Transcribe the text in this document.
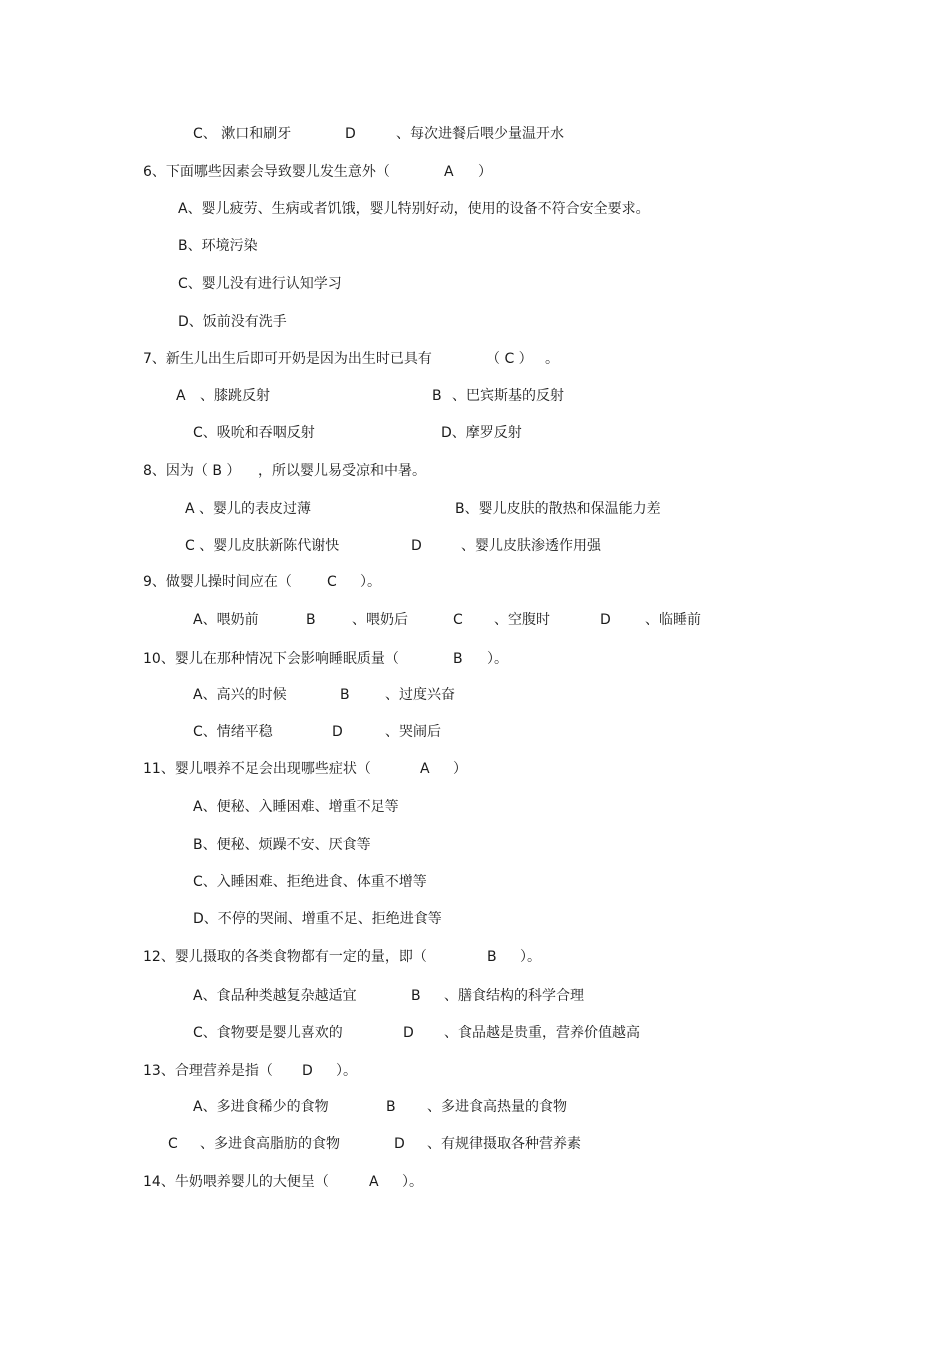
C、 漱口和刷牙	D	、每次进餐后喂少量温开水
6、下面哪些因素会导致婴儿发生意外（	A ）
A、婴儿疲劳、生病或者饥饿，婴儿特别好动，使用的设备不符合安全要求。
B、环境污染
C、婴儿没有进行认知学习
D、饭前没有洗手
7、新生儿出生后即可开奶是因为出生时已具有	（ C ） 。
A 、膝跳反射	B 、巴宾斯基的反射
C、吸吮和吞咽反射	D、摩罗反射
8、因为（ B ） ，所以婴儿易受凉和中暑。
A 、婴儿的表皮过薄	B、婴儿皮肤的散热和保温能力差
C 、婴儿皮肤新陈代谢快	D	、婴儿皮肤渗透作用强
9、做婴儿操时间应在（	C ）。
A、喂奶前	B	、喂奶后	C 、空腹时	D 、临睡前
10、婴儿在那种情况下会影响睡眠质量（	B ）。
A、高兴的时候	B	、过度兴奋
C、情绪平稳	D	、哭闹后
11、婴儿喂养不足会出现哪些症状（	A ）
A、便秘、入睡困难、增重不足等
B、便秘、烦躁不安、厌食等
C、入睡困难、拒绝进食、体重不增等
D、不停的哭闹、增重不足、拒绝进食等
12、婴儿摄取的各类食物都有一定的量，即（	B ）。
A、食品种类越复杂越适宜	B 、膳食结构的科学合理
C、食物要是婴儿喜欢的	D 、食品越是贵重，营养价值越高
13、合理营养是指（ D ）。
A、多进食稀少的食物	B 、多进食高热量的食物
C 、多进食高脂肪的食物	D 、有规律摄取各种营养素
14、牛奶喂养婴儿的大便呈（	A ）。
